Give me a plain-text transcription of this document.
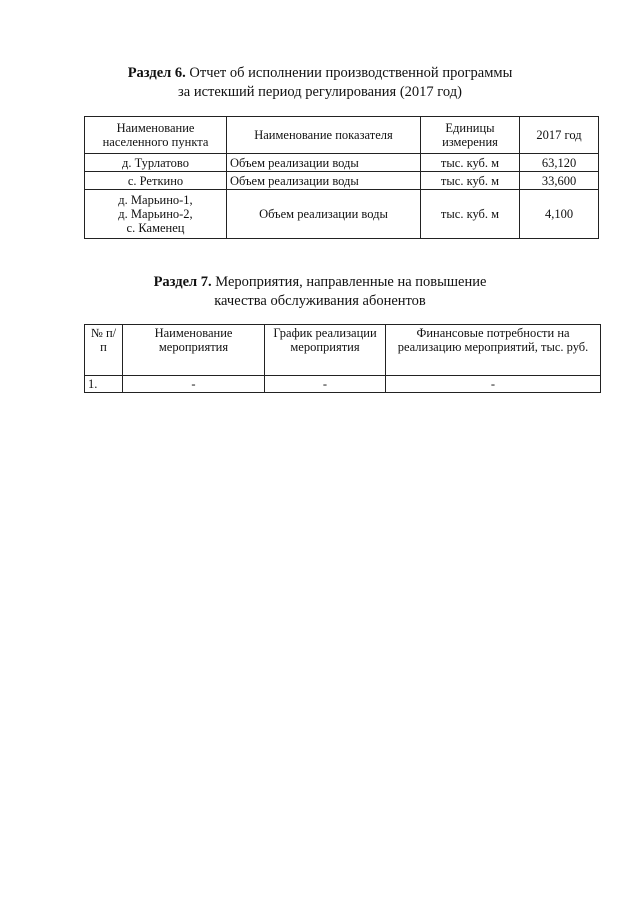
Раздел 6. Отчет об исполнении производственной программы
за истекший период регулирования (2017 год)
Наименование населенного пункта	Наименование показателя	Единицы измерения	2017 год
д. Турлатово	Объем реализации воды	тыс. куб. м	63,120
с. Реткино	Объем реализации воды	тыс. куб. м	33,600

д. Марьино-1,
д. Марьино-2,
с. Каменец	Объем реализации воды	тыс. куб. м	4,100
Раздел 7. Мероприятия, направленные на повышение
качества обслуживания абонентов
№ п/п	Наименование мероприятия	График реализации мероприятия	Финансовые потребности на реализацию мероприятий, тыс. руб.
1.	-	-	-
